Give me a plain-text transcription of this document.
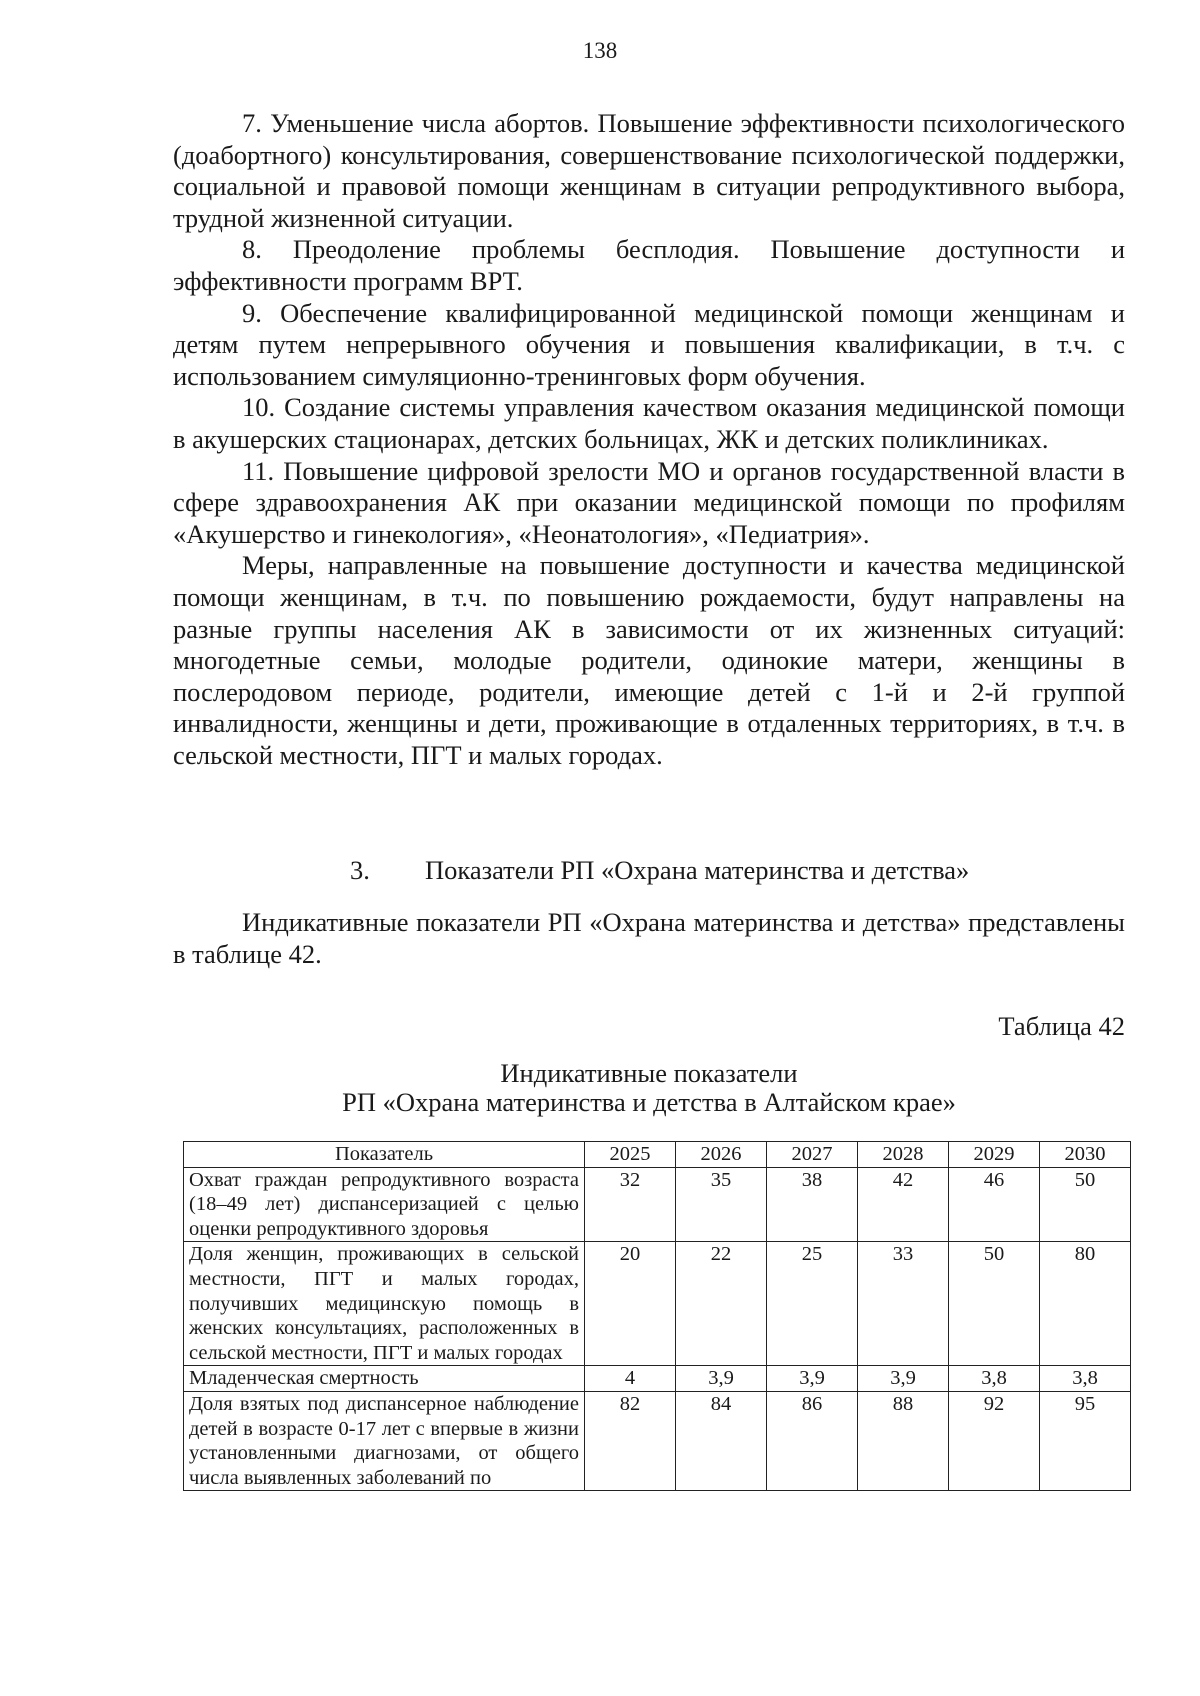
138

7. Уменьшение числа абортов. Повышение эффективности психологического (доабортного) консультирования, совершенствование психологической поддержки, социальной и правовой помощи женщинам в ситуации репродуктивного выбора, трудной жизненной ситуации.

8. Преодоление проблемы бесплодия. Повышение доступности и эффективности программ ВРТ.

9. Обеспечение квалифицированной медицинской помощи женщинам и детям путем непрерывного обучения и повышения квалификации, в т.ч. с использованием симуляционно-тренинговых форм обучения.

10. Создание системы управления качеством оказания медицинской помощи в акушерских стационарах, детских больницах, ЖК и детских поликлиниках.

11. Повышение цифровой зрелости МО и органов государственной власти в сфере здравоохранения АК при оказании медицинской помощи по профилям «Акушерство и гинекология», «Неонатология», «Педиатрия».

Меры, направленные на повышение доступности и качества медицинской помощи женщинам, в т.ч. по повышению рождаемости, будут направлены на разные группы населения АК в зависимости от их жизненных ситуаций: многодетные семьи, молодые родители, одинокие матери, женщины в послеродовом периоде, родители, имеющие детей с 1-й и 2-й группой инвалидности, женщины и дети, проживающие в отдаленных территориях, в т.ч. в сельской местности, ПГТ и малых городах.

3. Показатели РП «Охрана материнства и детства»

Индикативные показатели РП «Охрана материнства и детства» представлены в таблице 42.

Таблица 42
Индикативные показатели
РП «Охрана материнства и детства в Алтайском крае»
Показатель	2025	2026	2027	2028	2029	2030
Охват граждан репродуктивного возраста (18–49 лет) диспансеризацией с целью оценки репродуктивного здоровья	32	35	38	42	46	50
Доля женщин, проживающих в сельской местности, ПГТ и малых городах, получивших медицинскую помощь в женских консультациях, расположенных в сельской местности, ПГТ и малых городах	20	22	25	33	50	80
Младенческая смертность	4	3,9	3,9	3,9	3,8	3,8
Доля взятых под диспансерное наблюдение детей в возрасте 0-17 лет с впервые в жизни установленными диагнозами, от общего числа выявленных заболеваний по	82	84	86	88	92	95
